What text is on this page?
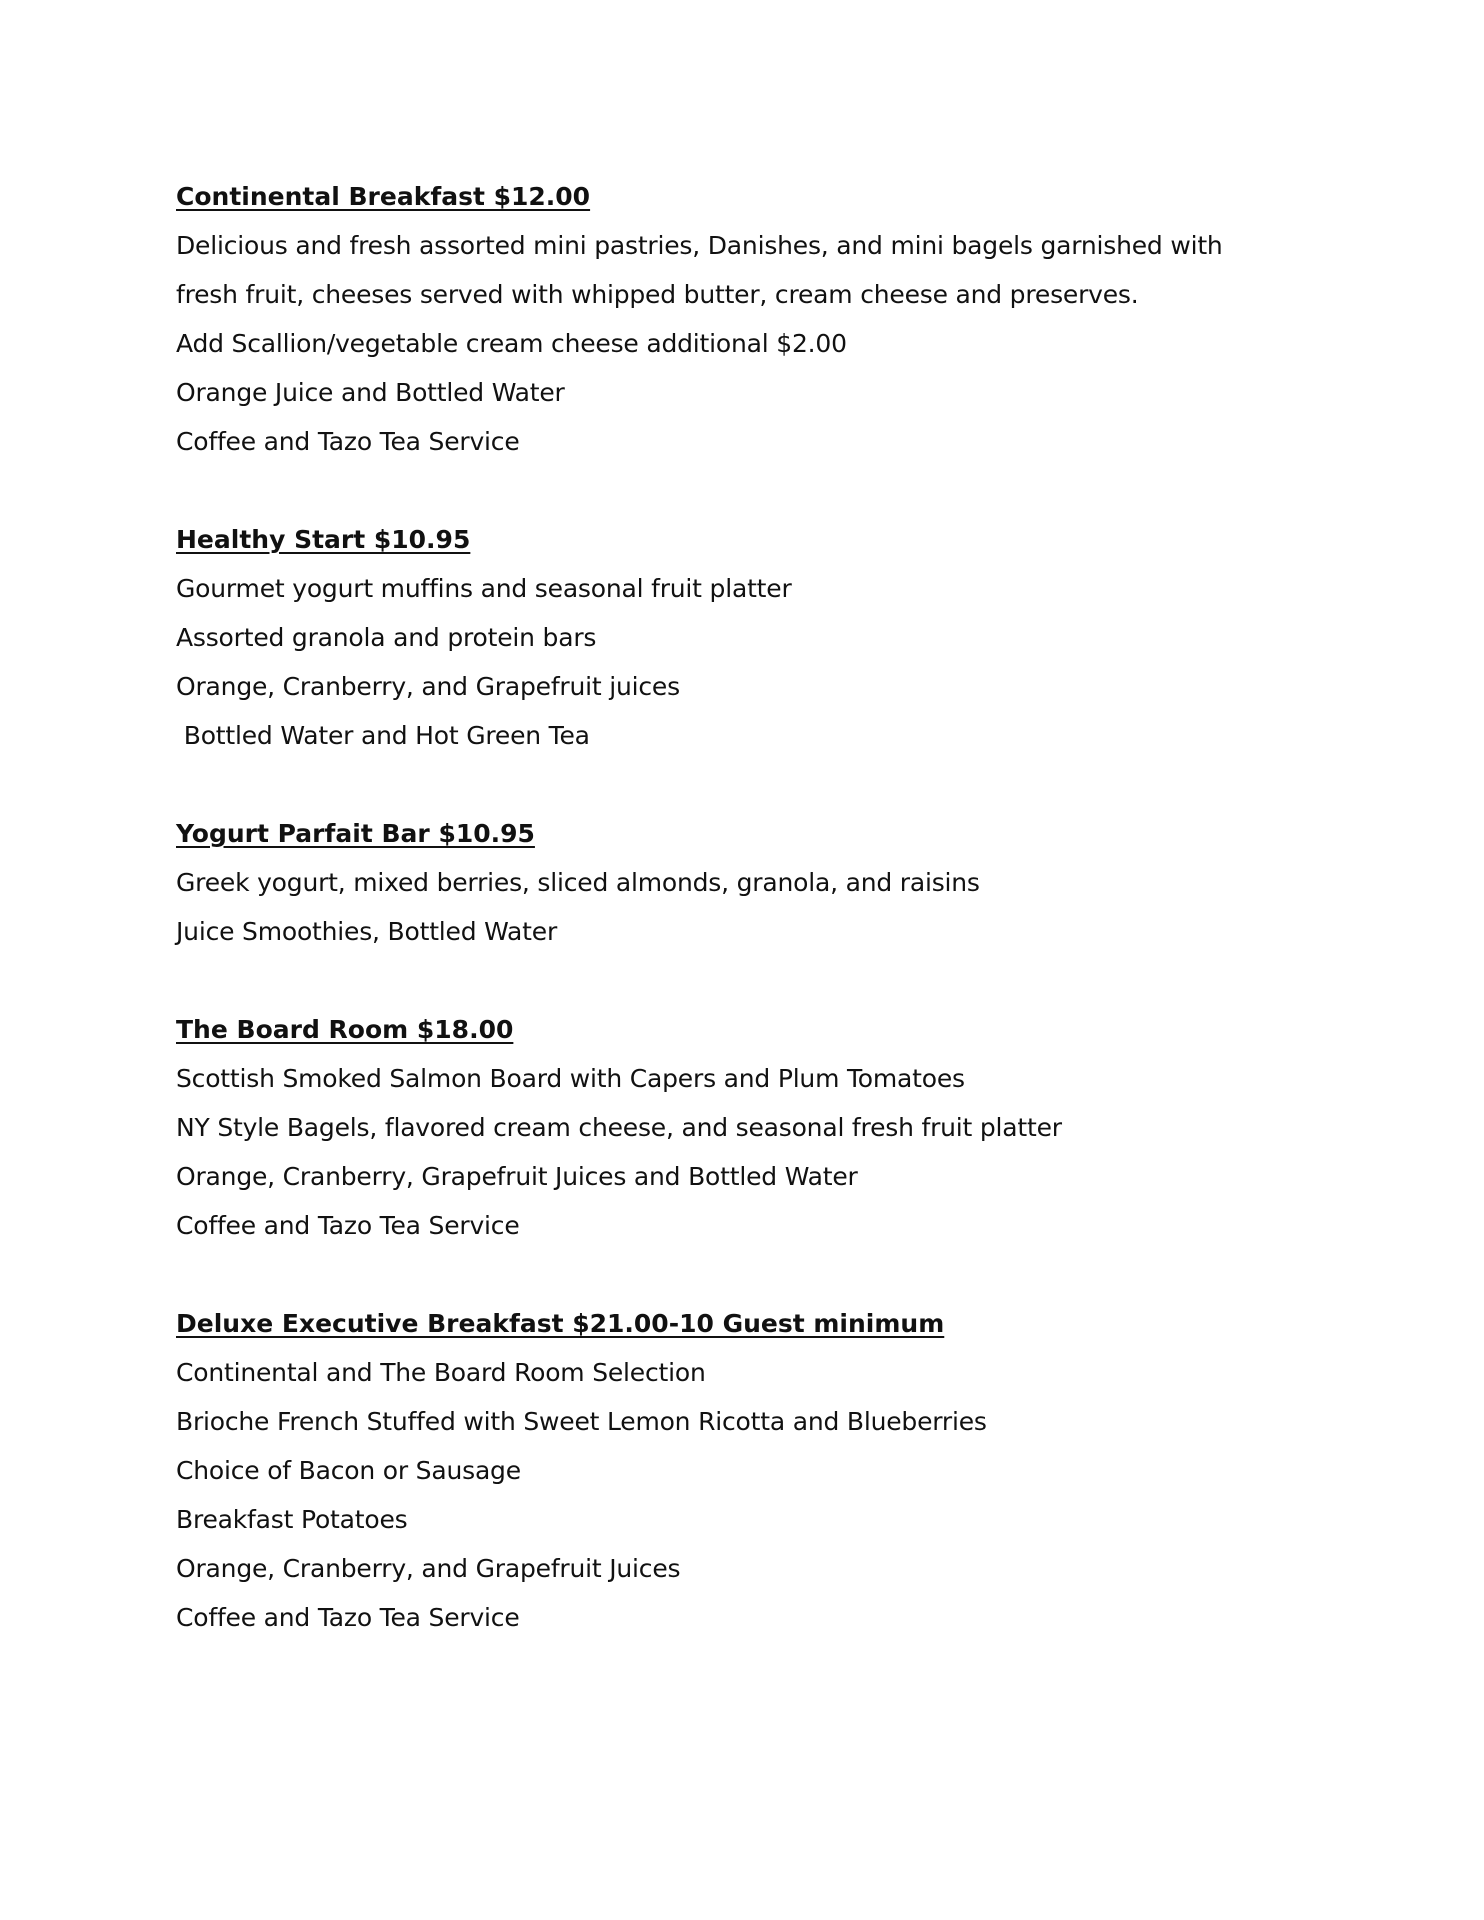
Continental Breakfast $12.00
Delicious and fresh assorted mini pastries, Danishes, and mini bagels garnished with
fresh fruit, cheeses served with whipped butter, cream cheese and preserves.
Add Scallion/vegetable cream cheese additional $2.00
Orange Juice and Bottled Water
Coffee and Tazo Tea Service
Healthy Start $10.95
Gourmet yogurt muffins and seasonal fruit platter
Assorted granola and protein bars
Orange, Cranberry, and Grapefruit juices
Bottled Water and Hot Green Tea
Yogurt Parfait Bar $10.95
Greek yogurt, mixed berries, sliced almonds, granola, and raisins
Juice Smoothies, Bottled Water
The Board Room $18.00
Scottish Smoked Salmon Board with Capers and Plum Tomatoes
NY Style Bagels, flavored cream cheese, and seasonal fresh fruit platter
Orange, Cranberry, Grapefruit Juices and Bottled Water
Coffee and Tazo Tea Service
Deluxe Executive Breakfast $21.00-10 Guest minimum
Continental and The Board Room Selection
Brioche French Stuffed with Sweet Lemon Ricotta and Blueberries
Choice of Bacon or Sausage
Breakfast Potatoes
Orange, Cranberry, and Grapefruit Juices
Coffee and Tazo Tea Service
